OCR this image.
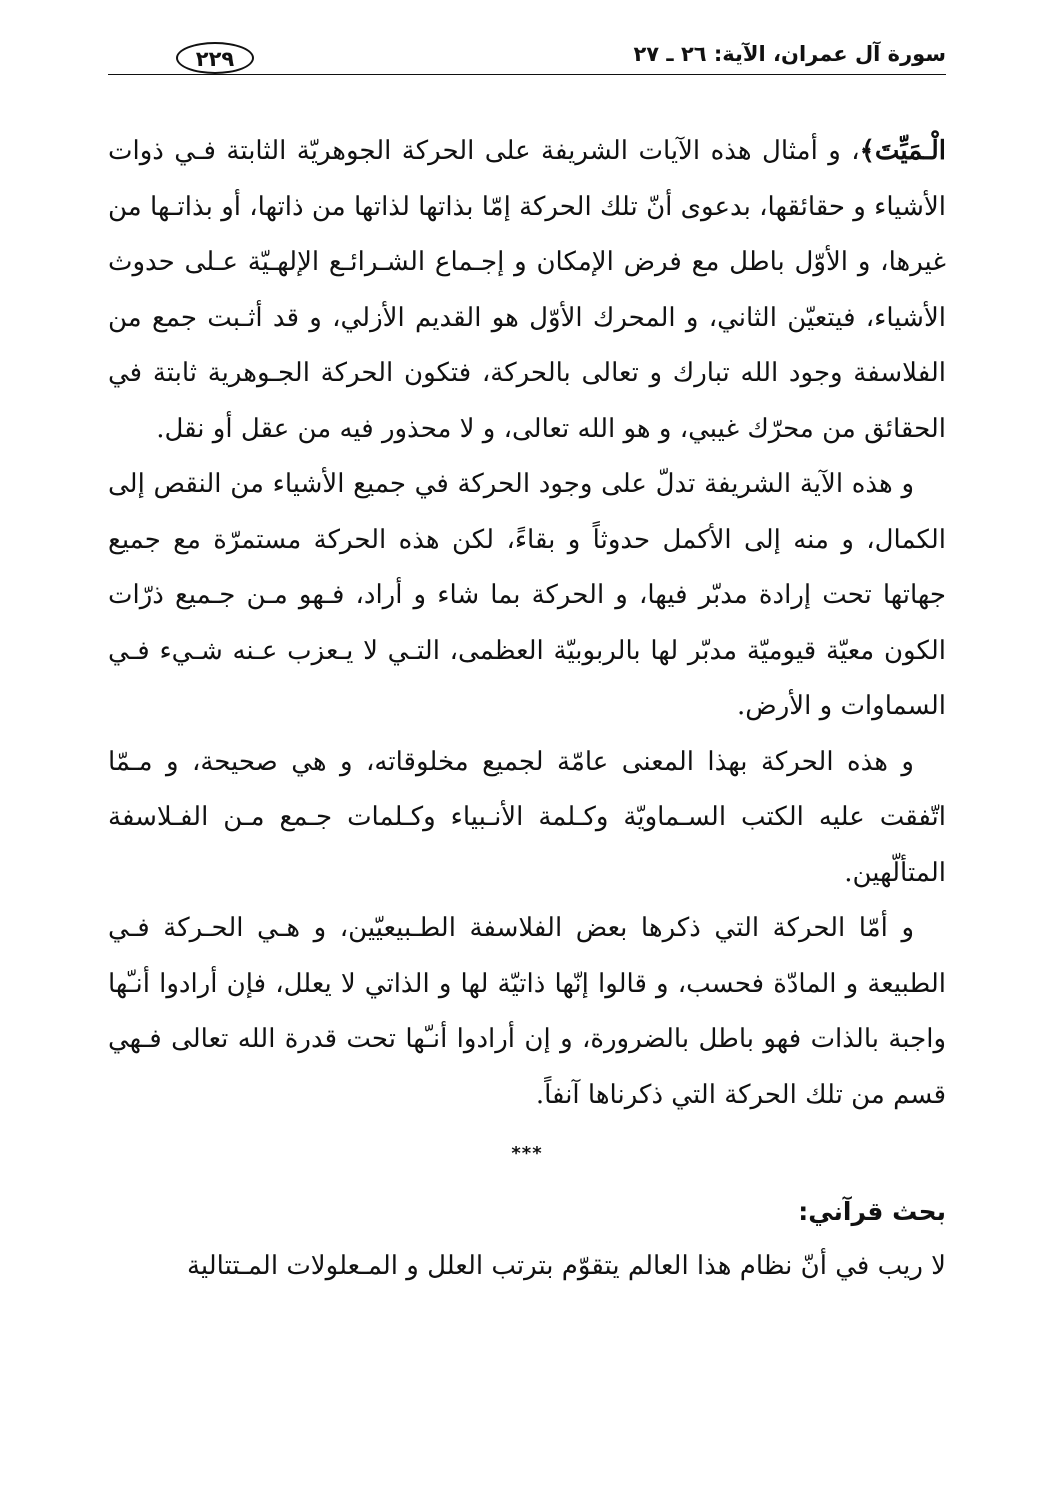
سورة آل عمران، الآية: ٢٦ ـ ٢٧
٢٢٩

الْـمَيِّتَ﴾، و أمثال هذه الآيات الشريفة على الحركة الجوهريّة الثابتة فـي ذوات الأشياء و حقائقها، بدعوى أنّ تلك الحركة إمّا بذاتها لذاتها من ذاتها، أو بذاتـها من غيرها، و الأوّل باطل مع فرض الإمكان و إجـماع الشـرائـع الإلهـيّة عـلى حدوث الأشياء، فيتعيّن الثاني، و المحرك الأوّل هو القديم الأزلي، و قد أثـبت جمع من الفلاسفة وجود الله تبارك و تعالى بالحركة، فتكون الحركة الجـوهرية ثابتة في الحقائق من محرّك غيبي، و هو الله تعالى، و لا محذور فيه من عقل أو نقل.

و هذه الآية الشريفة تدلّ على وجود الحركة في جميع الأشياء من النقص إلى الكمال، و منه إلى الأكمل حدوثاً و بقاءً، لكن هذه الحركة مستمرّة مع جميع جهاتها تحت إرادة مدبّر فيها، و الحركة بما شاء و أراد، فـهو مـن جـميع ذرّات الكون معيّة قيوميّة مدبّر لها بالربوبيّة العظمى، التـي لا يـعزب عـنه شـيء فـي السماوات و الأرض.

و هذه الحركة بهذا المعنى عامّة لجميع مخلوقاته، و هي صحيحة، و مـمّا اتّفقت عليه الكتب السـماويّة وكـلمة الأنـبياء وكـلمات جـمع مـن الفـلاسفة المتألّهين.

و أمّا الحركة التي ذكرها بعض الفلاسفة الطـبيعيّين، و هـي الحـركة فـي الطبيعة و المادّة فحسب، و قالوا إنّها ذاتيّة لها و الذاتي لا يعلل، فإن أرادوا أنـّها واجبة بالذات فهو باطل بالضرورة، و إن أرادوا أنـّها تحت قدرة الله تعالى فـهي قسم من تلك الحركة التي ذكرناها آنفاً.

***

بحث قرآني:

لا ريب في أنّ نظام هذا العالم يتقوّم بترتب العلل و المـعلولات المـتتالية
